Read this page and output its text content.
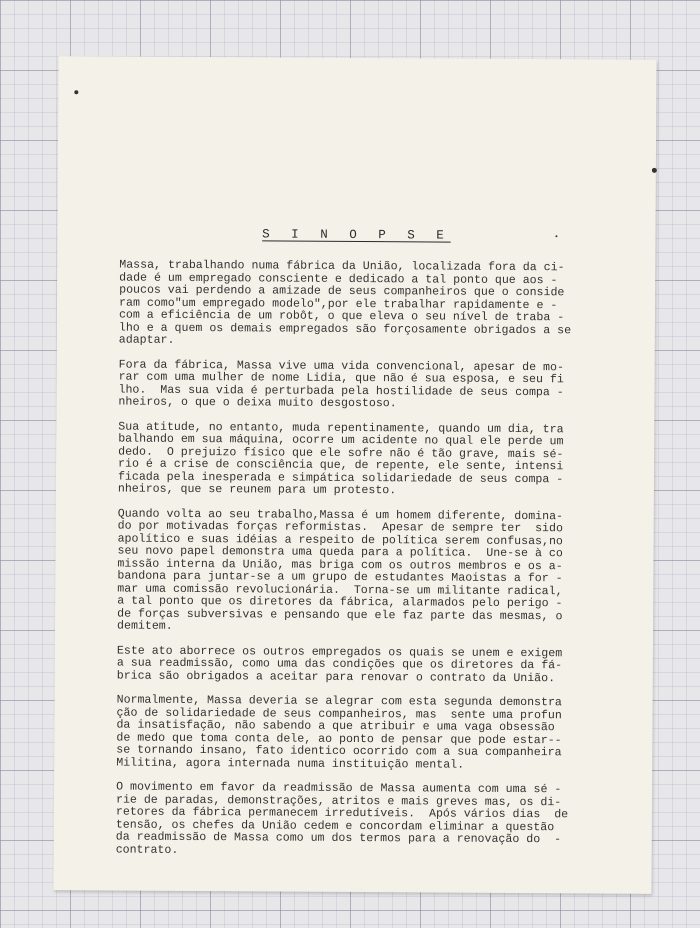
S I N O P S E
Massa, trabalhando numa fábrica da União, localizada fora da ci-
dade é um empregado consciente e dedicado a tal ponto que aos -
poucos vai perdendo a amizade de seus companheiros que o conside
ram como"um empregado modelo",por ele trabalhar rapidamente e -
com a eficiência de um robôt, o que eleva o seu nível de traba -
lho e a quem os demais empregados são forçosamente obrigados a se
adaptar.
Fora da fábrica, Massa vive uma vida convencional, apesar de mo-
rar com uma mulher de nome Lidia, que não é sua esposa, e seu fi
lho.  Mas sua vida é perturbada pela hostilidade de seus compa -
nheiros, o que o deixa muito desgostoso.
Sua atitude, no entanto, muda repentinamente, quando um dia, tra
balhando em sua máquina, ocorre um acidente no qual ele perde um
dedo.  O prejuizo físico que ele sofre não é tão grave, mais sé-
rio é a crise de consciência que, de repente, ele sente, intensi
ficada pela inesperada e simpática solidariedade de seus compa -
nheiros, que se reunem para um protesto.
Quando volta ao seu trabalho,Massa é um homem diferente, domina-
do por motivadas forças reformistas.  Apesar de sempre ter  sido
apolítico e suas idéias a respeito de política serem confusas,no
seu novo papel demonstra uma queda para a política.  Une-se à co
missão interna da União, mas briga com os outros membros e os a-
bandona para juntar-se a um grupo de estudantes Maoistas a for -
mar uma comissão revolucionária.  Torna-se um militante radical,
a tal ponto que os diretores da fábrica, alarmados pelo perigo -
de forças subversivas e pensando que ele faz parte das mesmas, o
demitem.
Este ato aborrece os outros empregados os quais se unem e exigem
a sua readmissão, como uma das condições que os diretores da fá-
brica são obrigados a aceitar para renovar o contrato da União.
Normalmente, Massa deveria se alegrar com esta segunda demonstra
ção de solidariedade de seus companheiros, mas  sente uma profun
da insatisfação, não sabendo a que atribuir e uma vaga obsessão
de medo que toma conta dele, ao ponto de pensar que pode estar--
se tornando insano, fato identico ocorrido com a sua companheira
Militina, agora internada numa instituição mental.
O movimento em favor da readmissão de Massa aumenta com uma sé -
rie de paradas, demonstrações, atritos e mais greves mas, os di-
retores da fábrica permanecem irredutíveis.  Após vários dias  de
tensão, os chefes da União cedem e concordam eliminar a questão
da readmissão de Massa como um dos termos para a renovação do  -
contrato.
